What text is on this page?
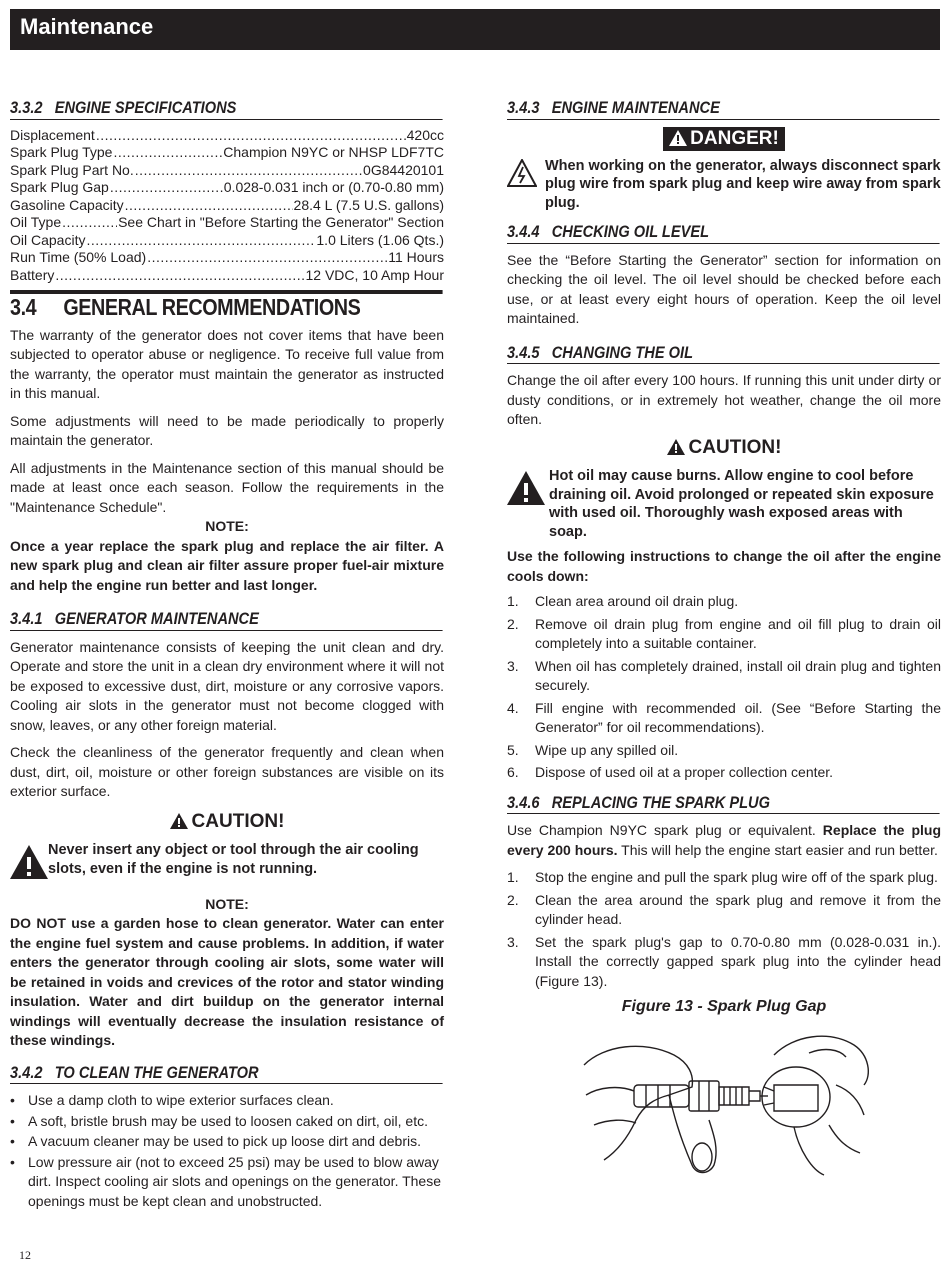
Maintenance
3.3.2 ENGINE SPECIFICATIONS
Displacement .....	420cc
Spark Plug Type .....	Champion N9YC or NHSP LDF7TC
Spark Plug Part No. .....	0G84420101
Spark Plug Gap .....	0.028-0.031 inch or (0.70-0.80 mm)
Gasoline Capacity .....	28.4 L (7.5 U.S. gallons)
Oil Type .....	See Chart in "Before Starting the Generator" Section
Oil Capacity .....	1.0 Liters (1.06 Qts.)
Run Time (50% Load) .....	11 Hours
Battery .....	12 VDC, 10 Amp Hour
3.4 GENERAL RECOMMENDATIONS

The warranty of the generator does not cover items that have been subjected to operator abuse or negligence. To receive full value from the warranty, the operator must maintain the generator as instructed in this manual.

Some adjustments will need to be made periodically to properly maintain the generator.

All adjustments in the Maintenance section of this manual should be made at least once each season. Follow the requirements in the "Maintenance Schedule".

NOTE:
Once a year replace the spark plug and replace the air filter. A new spark plug and clean air filter assure proper fuel-air mixture and help the engine run better and last longer.
3.4.1 GENERATOR MAINTENANCE

Generator maintenance consists of keeping the unit clean and dry. Operate and store the unit in a clean dry environment where it will not be exposed to excessive dust, dirt, moisture or any corrosive vapors. Cooling air slots in the generator must not become clogged with snow, leaves, or any other foreign material.

Check the cleanliness of the generator frequently and clean when dust, dirt, oil, moisture or other foreign substances are visible on its exterior surface.

CAUTION!
Never insert any object or tool through the air cooling slots, even if the engine is not running.
NOTE:
DO NOT use a garden hose to clean generator. Water can enter the engine fuel system and cause problems. In addition, if water enters the generator through cooling air slots, some water will be retained in voids and crevices of the rotor and stator winding insulation. Water and dirt buildup on the generator internal windings will eventually decrease the insulation resistance of these windings.
3.4.2 TO CLEAN THE GENERATOR
• Use a damp cloth to wipe exterior surfaces clean.
• A soft, bristle brush may be used to loosen caked on dirt, oil, etc.
• A vacuum cleaner may be used to pick up loose dirt and debris.
• Low pressure air (not to exceed 25 psi) may be used to blow away dirt. Inspect cooling air slots and openings on the generator. These openings must be kept clean and unobstructed.
3.4.3 ENGINE MAINTENANCE
DANGER!
When working on the generator, always disconnect spark plug wire from spark plug and keep wire away from spark plug.
3.4.4 CHECKING OIL LEVEL

See the “Before Starting the Generator” section for information on checking the oil level. The oil level should be checked before each use, or at least every eight hours of operation. Keep the oil level maintained.

3.4.5 CHANGING THE OIL

Change the oil after every 100 hours. If running this unit under dirty or dusty conditions, or in extremely hot weather, change the oil more often.

CAUTION!
Hot oil may cause burns. Allow engine to cool before draining oil. Avoid prolonged or repeated skin exposure with used oil. Thoroughly wash exposed areas with soap.
Use the following instructions to change the oil after the engine cools down:
1. Clean area around oil drain plug.
2. Remove oil drain plug from engine and oil fill plug to drain oil completely into a suitable container.
3. When oil has completely drained, install oil drain plug and tighten securely.
4. Fill engine with recommended oil. (See “Before Starting the Generator” for oil recommendations).
5. Wipe up any spilled oil.
6. Dispose of used oil at a proper collection center.
3.4.6 REPLACING THE SPARK PLUG

Use Champion N9YC spark plug or equivalent. Replace the plug every 200 hours. This will help the engine start easier and run better.

1. Stop the engine and pull the spark plug wire off of the spark plug.
2. Clean the area around the spark plug and remove it from the cylinder head.
3. Set the spark plug's gap to 0.70-0.80 mm (0.028-0.031 in.). Install the correctly gapped spark plug into the cylinder head (Figure 13).
Figure 13 - Spark Plug Gap
12
